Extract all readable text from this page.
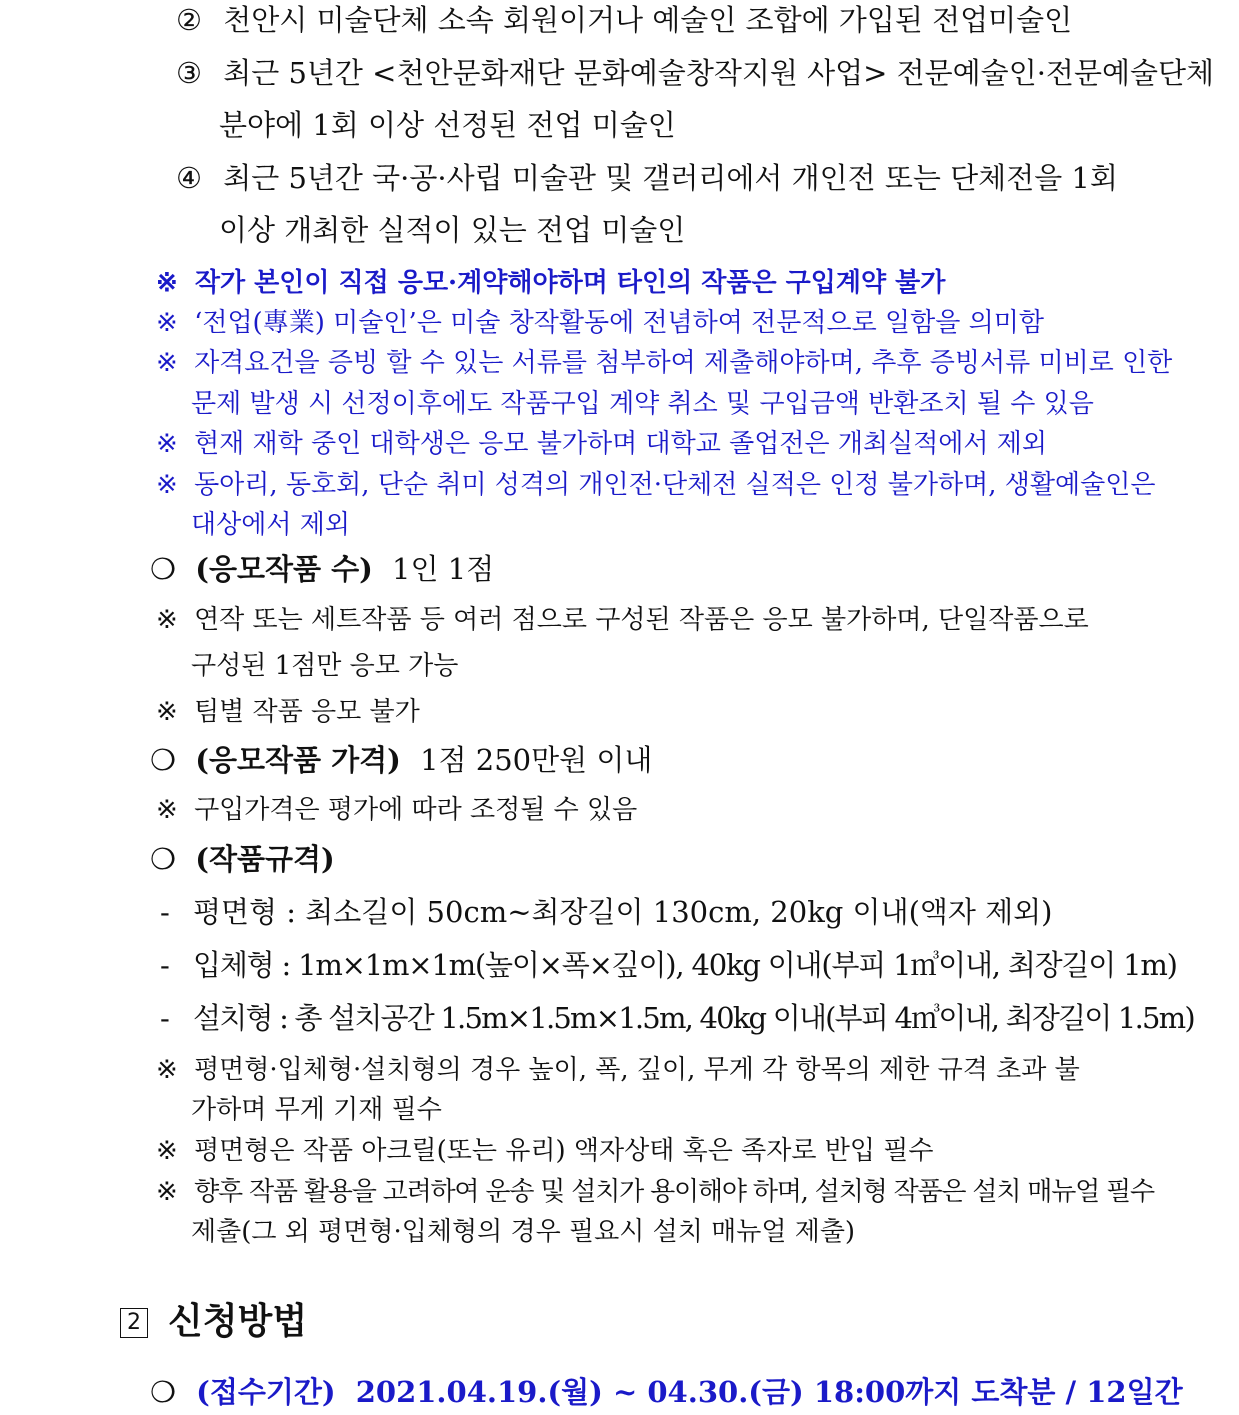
② 천안시 미술단체 소속 회원이거나 예술인 조합에 가입된 전업미술인
③ 최근 5년간 <천안문화재단 문화예술창작지원 사업> 전문예술인·전문예술단체
분야에 1회 이상 선정된 전업 미술인
④ 최근 5년간 국·공·사립 미술관 및 갤러리에서 개인전 또는 단체전을 1회
이상 개최한 실적이 있는 전업 미술인
※ 작가 본인이 직접 응모·계약해야하며 타인의 작품은 구입계약 불가
※ ‘전업(專業) 미술인’은 미술 창작활동에 전념하여 전문적으로 일함을 의미함
※ 자격요건을 증빙 할 수 있는 서류를 첨부하여 제출해야하며, 추후 증빙서류 미비로 인한
문제 발생 시 선정이후에도 작품구입 계약 취소 및 구입금액 반환조치 될 수 있음
※ 현재 재학 중인 대학생은 응모 불가하며 대학교 졸업전은 개최실적에서 제외
※ 동아리, 동호회, 단순 취미 성격의 개인전·단체전 실적은 인정 불가하며, 생활예술인은
대상에서 제외
❍ (응모작품 수) 1인 1점
※ 연작 또는 세트작품 등 여러 점으로 구성된 작품은 응모 불가하며, 단일작품으로
구성된 1점만 응모 가능
※ 팀별 작품 응모 불가
❍ (응모작품 가격) 1점 250만원 이내
※ 구입가격은 평가에 따라 조정될 수 있음
❍ (작품규격)
- 평면형 : 최소길이 50cm~최장길이 130cm, 20kg 이내(액자 제외)
- 입체형 : 1m×1m×1m(높이×폭×깊이), 40kg 이내(부피 1㎥이내, 최장길이 1m)
- 설치형 : 총 설치공간 1.5m×1.5m×1.5m, 40kg 이내(부피 4㎥이내, 최장길이 1.5m)
※ 평면형·입체형·설치형의 경우 높이, 폭, 깊이, 무게 각 항목의 제한 규격 초과 불
가하며 무게 기재 필수
※ 평면형은 작품 아크릴(또는 유리) 액자상태 혹은 족자로 반입 필수
※ 향후 작품 활용을 고려하여 운송 및 설치가 용이해야 하며, 설치형 작품은 설치 매뉴얼 필수
제출(그 외 평면형·입체형의 경우 필요시 설치 매뉴얼 제출)
2 신청방법
❍ (접수기간) 2021.04.19.(월) ~ 04.30.(금) 18:00까지 도착분 / 12일간
